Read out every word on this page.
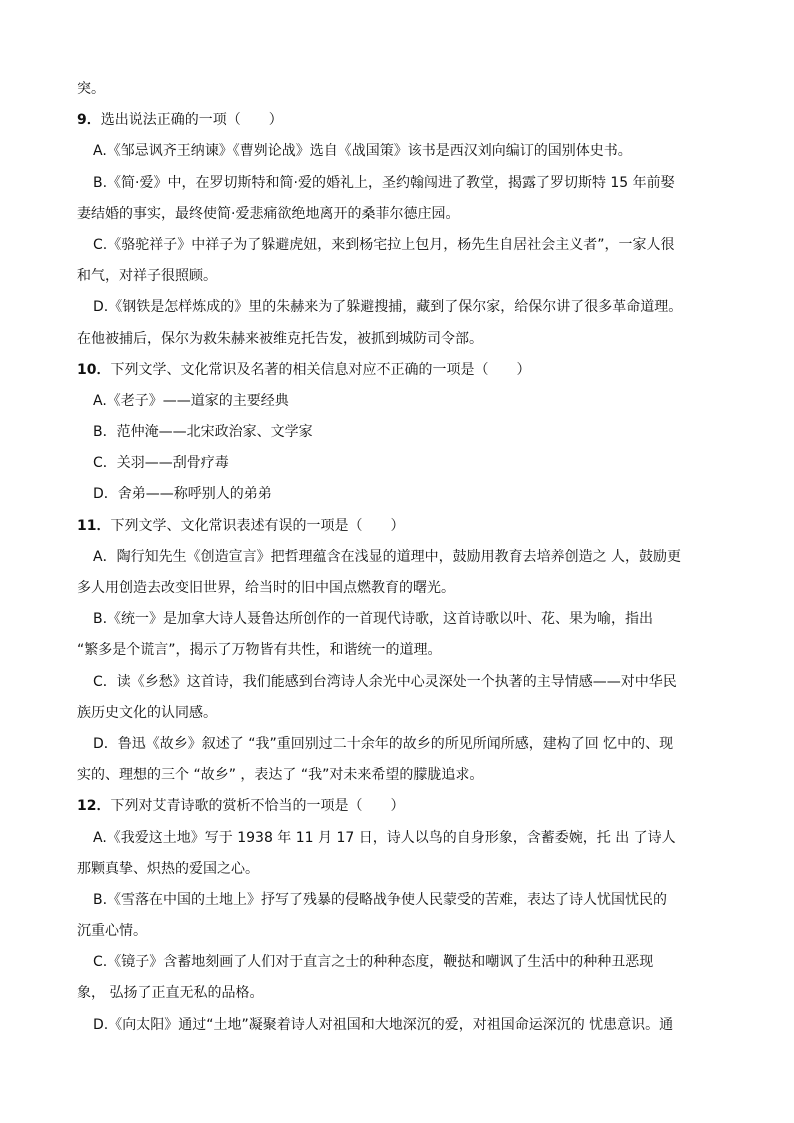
突。
9．选出说法正确的一项（　　）
A.《邹忌讽齐王纳谏》《曹刿论战》选自《战国策》该书是西汉刘向编订的国别体史书。
B.《简·爱》中，在罗切斯特和简·爱的婚礼上，圣约翰闯进了教堂，揭露了罗切斯特 15 年前娶
妻结婚的事实，最终使简·爱悲痛欲绝地离开的桑菲尔德庄园。
C.《骆驼祥子》中祥子为了躲避虎妞，来到杨宅拉上包月，杨先生自居社会主义者”，一家人很
和气，对祥子很照顾。
D.《钢铁是怎样炼成的》里的朱赫来为了躲避搜捕，藏到了保尔家，给保尔讲了很多革命道理。
在他被捕后，保尔为救朱赫来被维克托告发，被抓到城防司令部。
10．下列文学、文化常识及名著的相关信息对应不正确的一项是（　　）
A.《老子》——道家的主要经典
B．范仲淹——北宋政治家、文学家
C．关羽——刮骨疗毒
D．舍弟——称呼别人的弟弟
11．下列文学、文化常识表述有误的一项是（　　）
A．陶行知先生《创造宣言》把哲理蕴含在浅显的道理中，鼓励用教育去培养创造之 人，鼓励更
多人用创造去改变旧世界，给当时的旧中国点燃教育的曙光。
B.《统一》是加拿大诗人聂鲁达所创作的一首现代诗歌，这首诗歌以叶、花、果为喻，指出
“繁多是个谎言”，揭示了万物皆有共性，和谐统一的道理。
C．读《乡愁》这首诗，我们能感到台湾诗人余光中心灵深处一个执著的主导情感——对中华民
族历史文化的认同感。
D．鲁迅《故乡》叙述了 “我”重回别过二十余年的故乡的所见所闻所感，建构了回 忆中的、现
实的、理想的三个 “故乡” ，表达了 “我”对未来希望的朦胧追求。
12．下列对艾青诗歌的赏析不恰当的一项是（　　）
A.《我爱这土地》写于 1938 年 11 月 17 日，诗人以鸟的自身形象，含蓄委婉，托 出 了诗人
那颗真挚、炽热的爱国之心。
B.《雪落在中国的土地上》抒写了残暴的侵略战争使人民蒙受的苦难，表达了诗人忧国忧民的
沉重心情。
C.《镜子》含蓄地刻画了人们对于直言之士的种种态度，鞭挞和嘲讽了生活中的种种丑恶现
象， 弘扬了正直无私的品格。
D.《向太阳》通过“土地”凝聚着诗人对祖国和大地深沉的爱，对祖国命运深沉的 忧患意识。通
